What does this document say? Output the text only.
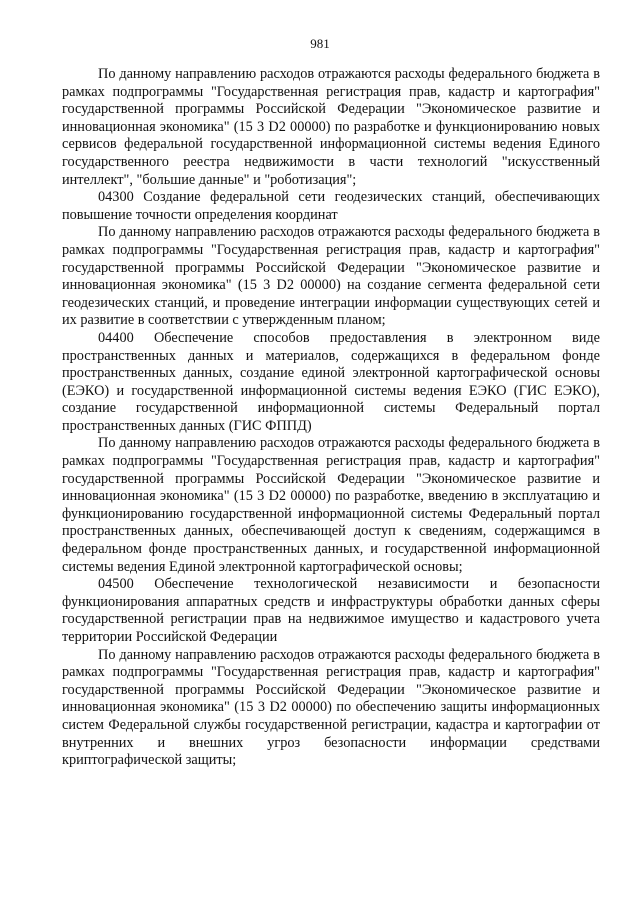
981

По данному направлению расходов отражаются расходы федерального бюджета в рамках подпрограммы "Государственная регистрация прав, кадастр и картография" государственной программы Российской Федерации "Экономическое развитие и инновационная экономика" (15 3 D2 00000) по разработке и функционированию новых сервисов федеральной государственной информационной системы ведения Единого государственного реестра недвижимости в части технологий "искусственный интеллект", "большие данные" и "роботизация";

04300 Создание федеральной сети геодезических станций, обеспечивающих повышение точности определения координат

По данному направлению расходов отражаются расходы федерального бюджета в рамках подпрограммы "Государственная регистрация прав, кадастр и картография" государственной программы Российской Федерации "Экономическое развитие и инновационная экономика" (15 3 D2 00000) на создание сегмента федеральной сети геодезических станций, и проведение интеграции информации существующих сетей и их развитие в соответствии с утвержденным планом;

04400 Обеспечение способов предоставления в электронном виде пространственных данных и материалов, содержащихся в федеральном фонде пространственных данных, создание единой электронной картографической основы (ЕЭКО) и государственной информационной системы ведения ЕЭКО (ГИС ЕЭКО), создание государственной информационной системы Федеральный портал пространственных данных (ГИС ФППД)

По данному направлению расходов отражаются расходы федерального бюджета в рамках подпрограммы "Государственная регистрация прав, кадастр и картография" государственной программы Российской Федерации "Экономическое развитие и инновационная экономика" (15 3 D2 00000) по разработке, введению в эксплуатацию и функционированию государственной информационной системы Федеральный портал пространственных данных, обеспечивающей доступ к сведениям, содержащимся в федеральном фонде пространственных данных, и государственной информационной системы ведения Единой электронной картографической основы;

04500 Обеспечение технологической независимости и безопасности функционирования аппаратных средств и инфраструктуры обработки данных сферы государственной регистрации прав на недвижимое имущество и кадастрового учета территории Российской Федерации

По данному направлению расходов отражаются расходы федерального бюджета в рамках подпрограммы "Государственная регистрация прав, кадастр и картография" государственной программы Российской Федерации "Экономическое развитие и инновационная экономика" (15 3 D2 00000) по обеспечению защиты информационных систем Федеральной службы государственной регистрации, кадастра и картографии от внутренних и внешних угроз безопасности информации средствами криптографической защиты;
